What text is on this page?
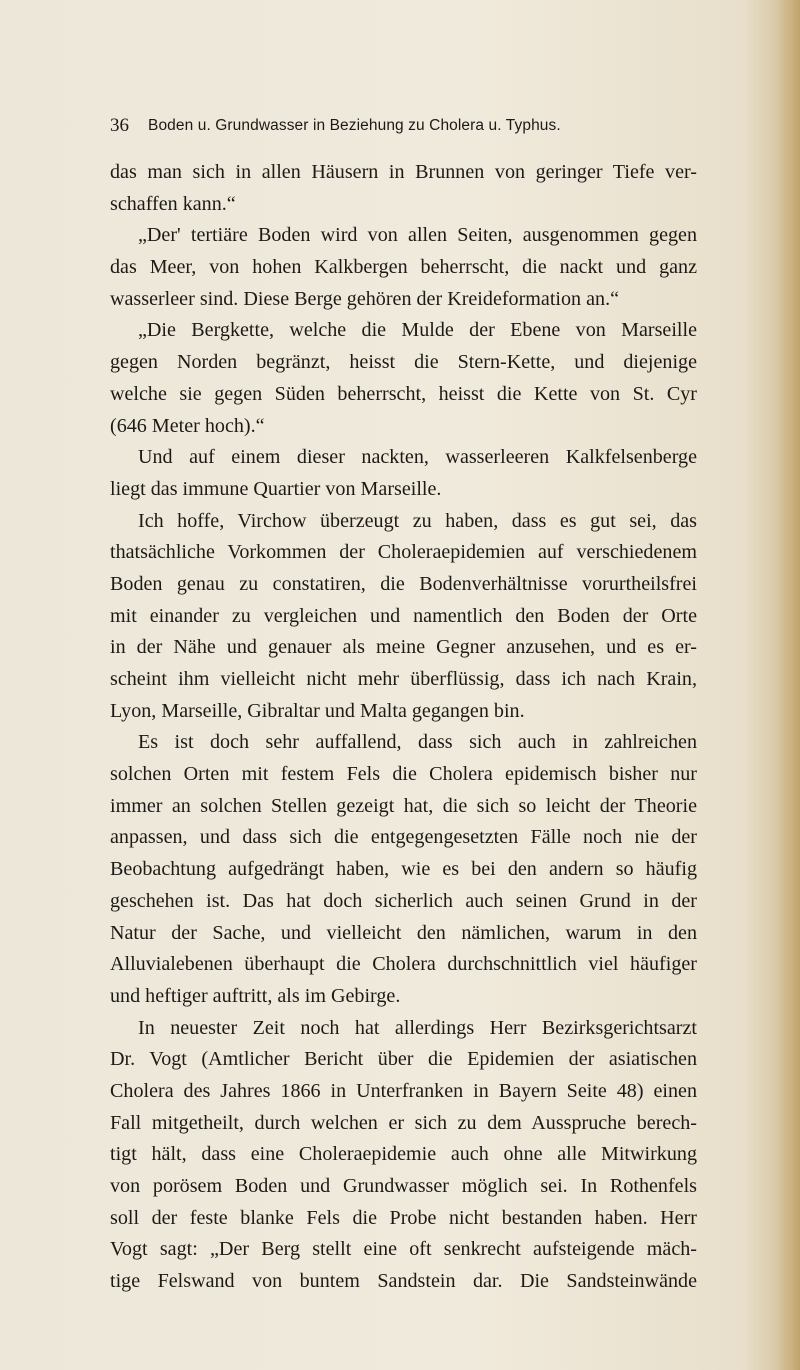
36 Boden u. Grundwasser in Beziehung zu Cholera u. Typhus.
das man sich in allen Häusern in Brunnen von geringer Tiefe ver-
schaffen kann.“
„Der' tertiäre Boden wird von allen Seiten, ausgenommen gegen
das Meer, von hohen Kalkbergen beherrscht, die nackt und ganz
wasserleer sind. Diese Berge gehören der Kreideformation an.“
„Die Bergkette, welche die Mulde der Ebene von Marseille
gegen Norden begränzt, heisst die Stern-Kette, und diejenige
welche sie gegen Süden beherrscht, heisst die Kette von St. Cyr
(646 Meter hoch).“
Und auf einem dieser nackten, wasserleeren Kalkfelsenberge
liegt das immune Quartier von Marseille.
Ich hoffe, Virchow überzeugt zu haben, dass es gut sei, das
thatsächliche Vorkommen der Choleraepidemien auf verschiedenem
Boden genau zu constatiren, die Bodenverhältnisse vorurtheilsfrei
mit einander zu vergleichen und namentlich den Boden der Orte
in der Nähe und genauer als meine Gegner anzusehen, und es er-
scheint ihm vielleicht nicht mehr überflüssig, dass ich nach Krain,
Lyon, Marseille, Gibraltar und Malta gegangen bin.
Es ist doch sehr auffallend, dass sich auch in zahlreichen
solchen Orten mit festem Fels die Cholera epidemisch bisher nur
immer an solchen Stellen gezeigt hat, die sich so leicht der Theorie
anpassen, und dass sich die entgegengesetzten Fälle noch nie der
Beobachtung aufgedrängt haben, wie es bei den andern so häufig
geschehen ist. Das hat doch sicherlich auch seinen Grund in der
Natur der Sache, und vielleicht den nämlichen, warum in den
Alluvialebenen überhaupt die Cholera durchschnittlich viel häufiger
und heftiger auftritt, als im Gebirge.
In neuester Zeit noch hat allerdings Herr Bezirksgerichtsarzt
Dr. Vogt (Amtlicher Bericht über die Epidemien der asiatischen
Cholera des Jahres 1866 in Unterfranken in Bayern Seite 48) einen
Fall mitgetheilt, durch welchen er sich zu dem Ausspruche berech-
tigt hält, dass eine Choleraepidemie auch ohne alle Mitwirkung
von porösem Boden und Grundwasser möglich sei. In Rothenfels
soll der feste blanke Fels die Probe nicht bestanden haben. Herr
Vogt sagt: „Der Berg stellt eine oft senkrecht aufsteigende mäch-
tige Felswand von buntem Sandstein dar. Die Sandsteinwände
